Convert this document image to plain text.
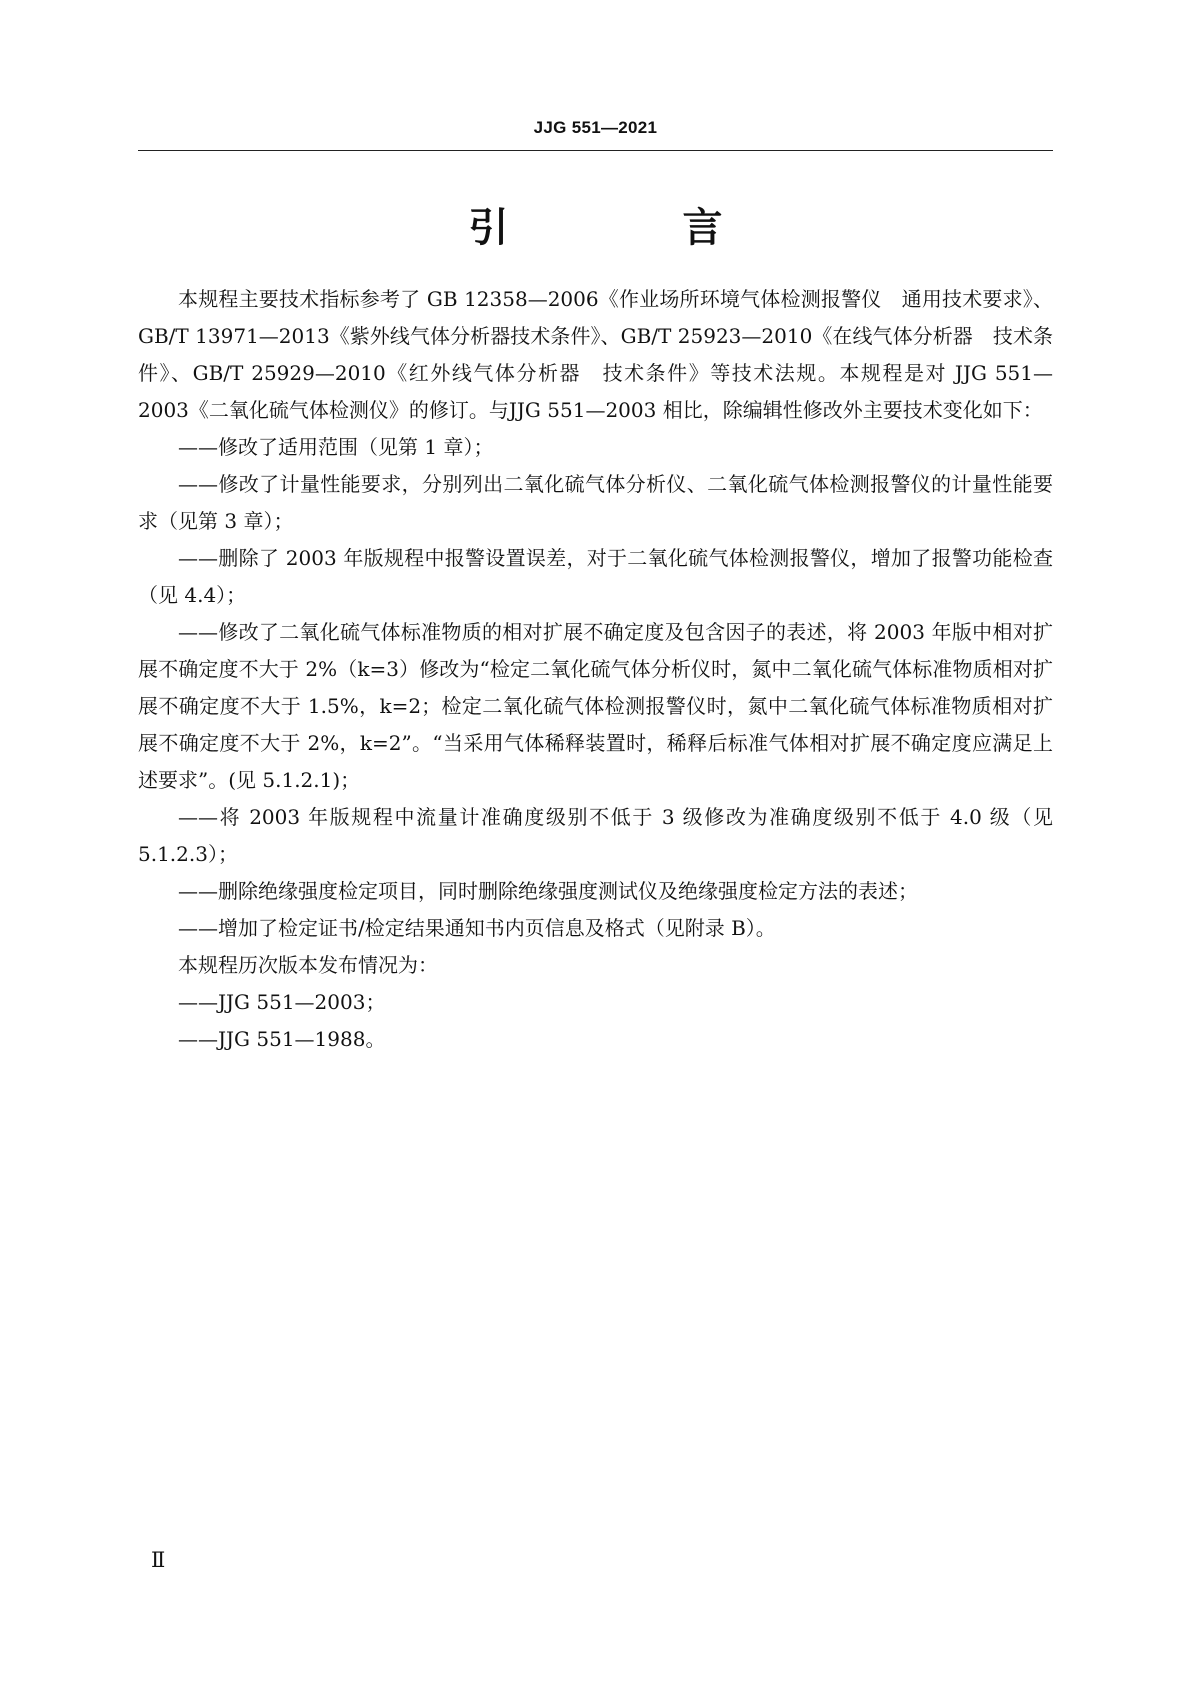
JJG 551—2021
引 言

本规程主要技术指标参考了 GB 12358—2006《作业场所环境气体检测报警仪　通用技术要求》、GB/T 13971—2013《紫外线气体分析器技术条件》、GB/T 25923—2010《在线气体分析器　技术条件》、GB/T 25929—2010《红外线气体分析器　技术条件》等技术法规。本规程是对 JJG 551—2003《二氧化硫气体检测仪》的修订。与JJG 551—2003 相比，除编辑性修改外主要技术变化如下：

——修改了适用范围（见第 1 章）；

——修改了计量性能要求，分别列出二氧化硫气体分析仪、二氧化硫气体检测报警仪的计量性能要求（见第 3 章）；

——删除了 2003 年版规程中报警设置误差，对于二氧化硫气体检测报警仪，增加了报警功能检查（见 4.4）；

——修改了二氧化硫气体标准物质的相对扩展不确定度及包含因子的表述，将 2003 年版中相对扩展不确定度不大于 2%（k=3）修改为“检定二氧化硫气体分析仪时，氮中二氧化硫气体标准物质相对扩展不确定度不大于 1.5%，k=2；检定二氧化硫气体检测报警仪时，氮中二氧化硫气体标准物质相对扩展不确定度不大于 2%，k=2”。“当采用气体稀释装置时，稀释后标准气体相对扩展不确定度应满足上述要求”。(见 5.1.2.1)；

——将 2003 年版规程中流量计准确度级别不低于 3 级修改为准确度级别不低于 4.0 级（见 5.1.2.3）；

——删除绝缘强度检定项目，同时删除绝缘强度测试仪及绝缘强度检定方法的表述；

——增加了检定证书/检定结果通知书内页信息及格式（见附录 B）。

本规程历次版本发布情况为：

——JJG 551—2003；

——JJG 551—1988。

Ⅱ
